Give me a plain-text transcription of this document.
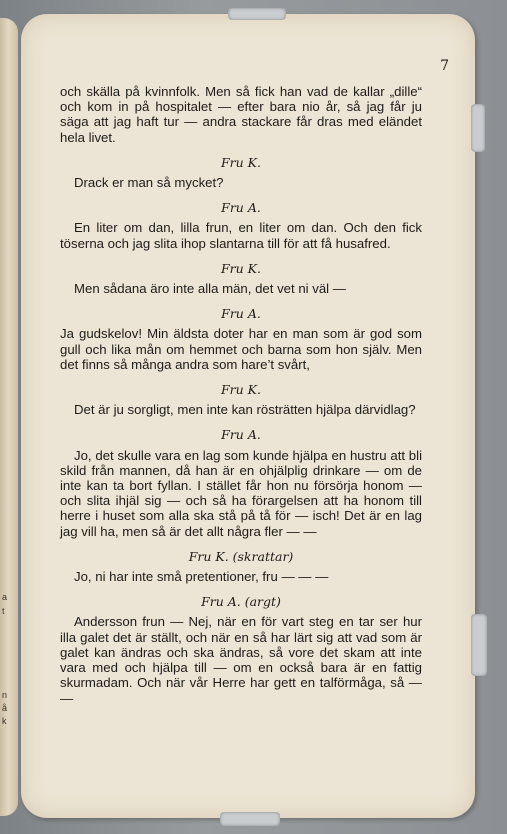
a
t
n
å
k
7

och skälla på kvinnfolk. Men så fick han vad de kallar „dille“ och kom in på hospitalet — efter bara nio år, så jag får ju säga att jag haft tur — andra stackare får dras med eländet hela livet.

Fru K.

Drack er man så mycket?

Fru A.

En liter om dan, lilla frun, en liter om dan. Och den fick töserna och jag slita ihop slantarna till för att få husafred.

Fru K.

Men sådana äro inte alla män, det vet ni väl —

Fru A.

Ja gudskelov! Min äldsta doter har en man som är god som gull och lika mån om hemmet och barna som hon själv. Men det finns så många andra som hare’t svårt,

Fru K.

Det är ju sorgligt, men inte kan rösträtten hjälpa därvidlag?

Fru A.

Jo, det skulle vara en lag som kunde hjälpa en hustru att bli skild från mannen, då han är en ohjälplig drinkare — om de inte kan ta bort fyllan. I stället får hon nu försörja honom — och slita ihjäl sig — och så ha förargelsen att ha honom till herre i huset som alla ska stå på tå för — isch! Det är en lag jag vill ha, men så är det allt några fler — —

Fru K. (skrattar)

Jo, ni har inte små pretentioner, fru — — —

Fru A. (argt)

Andersson frun — Nej, när en för vart steg en tar ser hur illa galet det är ställt, och när en så har lärt sig att vad som är galet kan ändras och ska ändras, så vore det skam att inte vara med och hjälpa till — om en också bara är en fattig skurmadam. Och när vår Herre har gett en talförmåga, så — —
